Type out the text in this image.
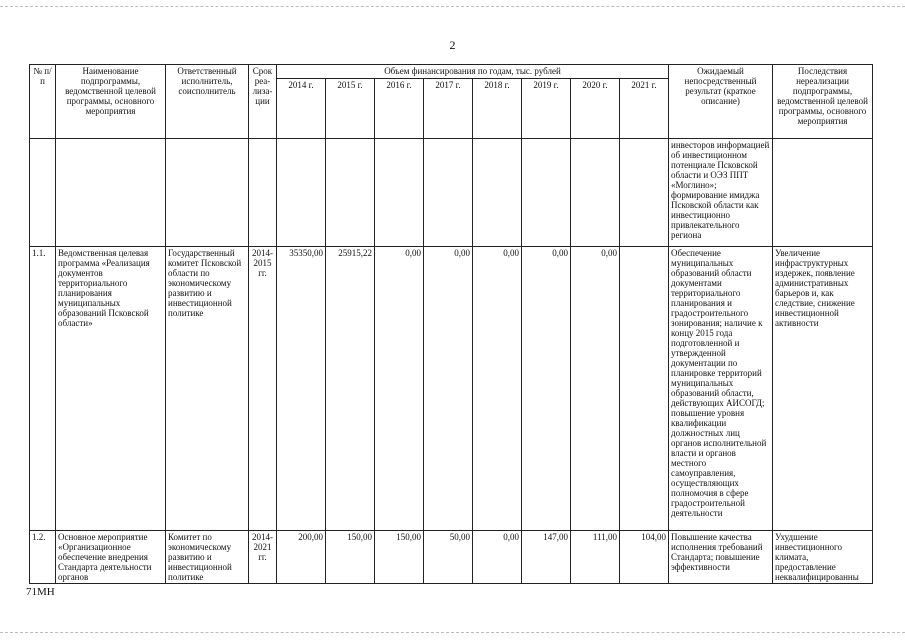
2
№ п/п	Наименование подпрограммы, ведомственной целевой программы, основного мероприятия	Ответственный исполнитель, соисполнитель	Срок реа-лиза-ции	Объем финансирования по годам, тыс. рублей								Ожидаемый непосредственный результат (краткое описание)	Последствия нереализации подпрограммы, ведомственной целевой программы, основного мероприятия
				2014 г.	2015 г.	2016 г.	2017 г.	2018 г.	2019 г.	2020 г.	2021 г.		
												инвесторов информацией об инвестиционном потенциале Псковской области и ОЭЗ ППТ «Моглино»; формирование имиджа Псковской области как инвестиционно привлекательного региона	
1.1.	Ведомственная целевая программа «Реализация документов территориального планирования муниципальных образований Псковской области»	Государственный комитет Псковской области по экономическому развитию и инвестиционной политике	2014-2015 гг.	35350,00	25915,22	0,00	0,00	0,00	0,00	0,00		Обеспечение муниципальных образований области документами территориального планирования и градостроительного зонирования; наличие к концу 2015 года подготовленной и утвержденной документации по планировке территорий муниципальных образований области, действующих АИСОГД; повышение уровня квалификации должностных лиц органов исполнительной власти и органов местного самоуправления, осуществляющих полномочия в сфере градостроительной деятельности	Увеличение инфраструктурных издержек, появление административных барьеров и, как следствие, снижение инвестиционной активности
1.2.	Основное мероприятие «Организационное обеспечение внедрения Стандарта деятельности органов	Комитет по экономическому развитию и инвестиционной политике	2014-2021 гг.	200,00	150,00	150,00	50,00	0,00	147,00	111,00	104,00	Повышение качества исполнения требований Стандарта; повышение эффективности	Ухудшение инвестиционного климата, предоставление неквалифицированны
71МН
